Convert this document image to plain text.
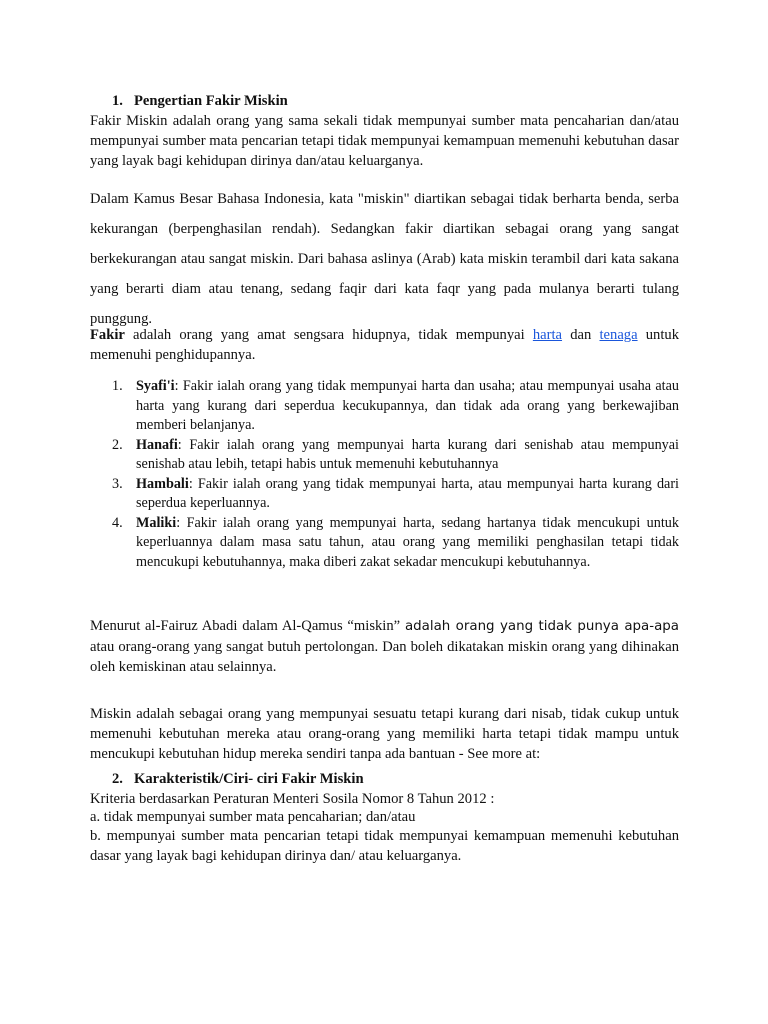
1. Pengertian Fakir Miskin
Fakir Miskin adalah orang yang sama sekali tidak mempunyai sumber mata pencaharian dan/atau mempunyai sumber mata pencarian tetapi tidak mempunyai kemampuan memenuhi kebutuhan dasar yang layak bagi kehidupan dirinya dan/atau keluarganya.
Dalam Kamus Besar Bahasa Indonesia, kata "miskin" diartikan sebagai tidak berharta benda, serba kekurangan (berpenghasilan rendah). Sedangkan fakir diartikan sebagai orang yang sangat berkekurangan atau sangat miskin. Dari bahasa aslinya (Arab) kata miskin terambil dari kata sakana yang berarti diam atau tenang, sedang faqir dari kata faqr yang pada mulanya berarti tulang punggung.
Fakir adalah orang yang amat sengsara hidupnya, tidak mempunyai harta dan tenaga untuk memenuhi penghidupannya.
1. Syafi'i: Fakir ialah orang yang tidak mempunyai harta dan usaha; atau mempunyai usaha atau harta yang kurang dari seperdua kecukupannya, dan tidak ada orang yang berkewajiban memberi belanjanya.
2. Hanafi: Fakir ialah orang yang mempunyai harta kurang dari senishab atau mempunyai senishab atau lebih, tetapi habis untuk memenuhi kebutuhannya
3. Hambali: Fakir ialah orang yang tidak mempunyai harta, atau mempunyai harta kurang dari seperdua keperluannya.
4. Maliki: Fakir ialah orang yang mempunyai harta, sedang hartanya tidak mencukupi untuk keperluannya dalam masa satu tahun, atau orang yang memiliki penghasilan tetapi tidak mencukupi kebutuhannya, maka diberi zakat sekadar mencukupi kebutuhannya.
Menurut al-Fairuz Abadi dalam Al-Qamus “miskin” adalah orang yang tidak punya apa-apa atau orang-orang yang sangat butuh pertolongan. Dan boleh dikatakan miskin orang yang dihinakan oleh kemiskinan atau selainnya.
Miskin adalah sebagai orang yang mempunyai sesuatu tetapi kurang dari nisab, tidak cukup untuk memenuhi kebutuhan mereka atau orang-orang yang memiliki harta tetapi tidak mampu untuk mencukupi kebutuhan hidup mereka sendiri tanpa ada bantuan - See more at:
2. Karakteristik/Ciri- ciri Fakir Miskin
Kriteria berdasarkan Peraturan Menteri Sosila Nomor 8 Tahun 2012 :
a. tidak mempunyai sumber mata pencaharian; dan/atau
b. mempunyai sumber mata pencarian tetapi tidak mempunyai kemampuan memenuhi kebutuhan dasar yang layak bagi kehidupan dirinya dan/ atau keluarganya.
